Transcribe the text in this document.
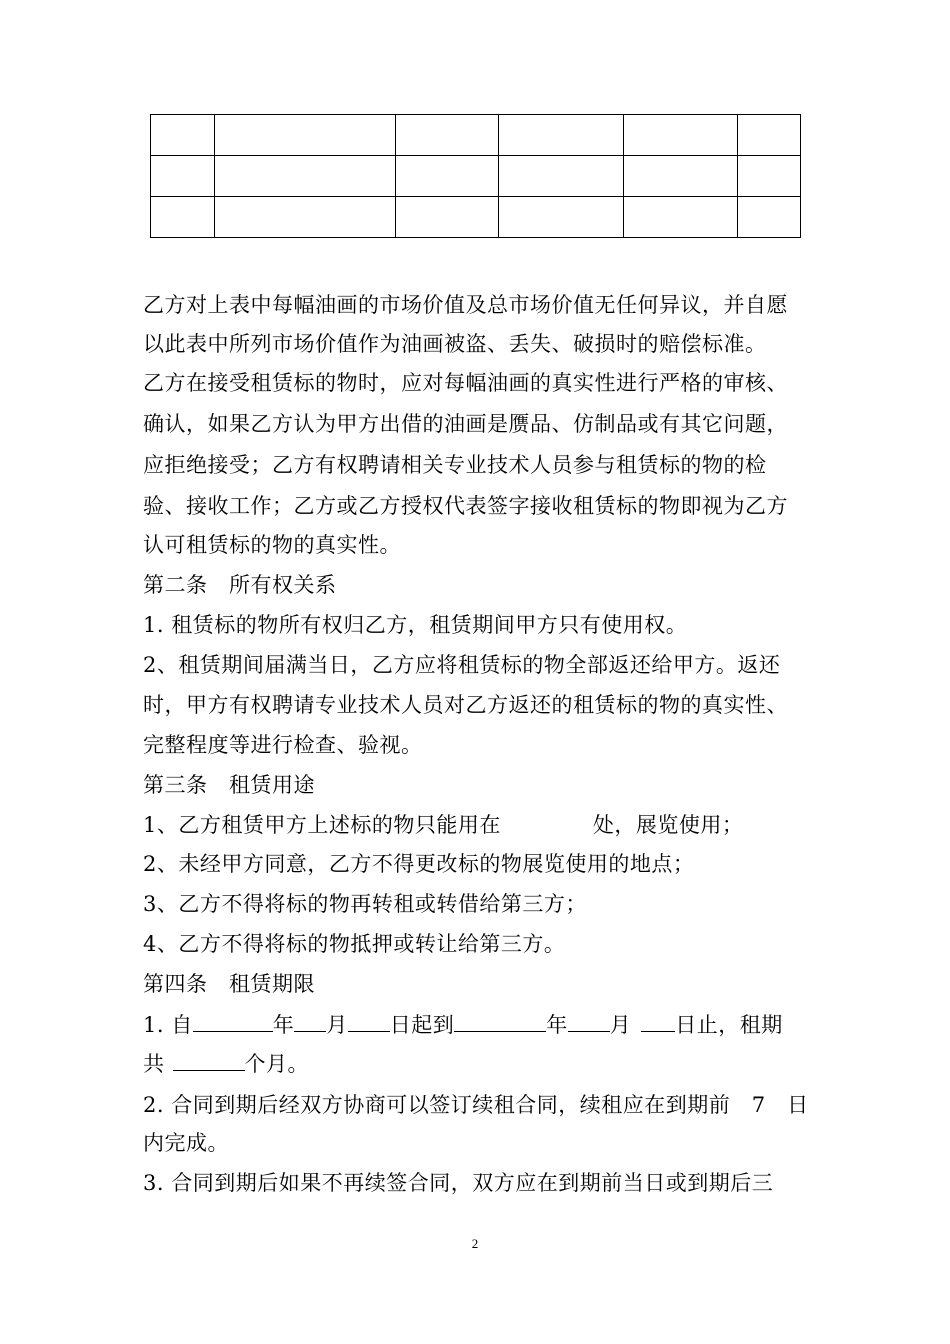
乙方对上表中每幅油画的市场价值及总市场价值无任何异议，并自愿
以此表中所列市场价值作为油画被盗、丢失、破损时的赔偿标准。
乙方在接受租赁标的物时，应对每幅油画的真实性进行严格的审核、
确认，如果乙方认为甲方出借的油画是赝品、仿制品或有其它问题，
应拒绝接受；乙方有权聘请相关专业技术人员参与租赁标的物的检
验、接收工作；乙方或乙方授权代表签字接收租赁标的物即视为乙方
认可租赁标的物的真实性。
第二条　所有权关系
1. 租赁标的物所有权归乙方，租赁期间甲方只有使用权。
2、租赁期间届满当日，乙方应将租赁标的物全部返还给甲方。返还
时，甲方有权聘请专业技术人员对乙方返还的租赁标的物的真实性、
完整程度等进行检查、验视。
第三条　租赁用途
1、乙方租赁甲方上述标的物只能用在	处，展览使用；
2、未经甲方同意，乙方不得更改标的物展览使用的地点；
3、乙方不得将标的物再转租或转借给第三方；
4、乙方不得将标的物抵押或转让给第三方。
第四条　租赁期限
1. 自	年 月 日起到	年 月 日止，租期
共	个月。
2. 合同到期后经双方协商可以签订续租合同，续租应在到期前　7　日
内完成。
3. 合同到期后如果不再续签合同，双方应在到期前当日或到期后三
2
